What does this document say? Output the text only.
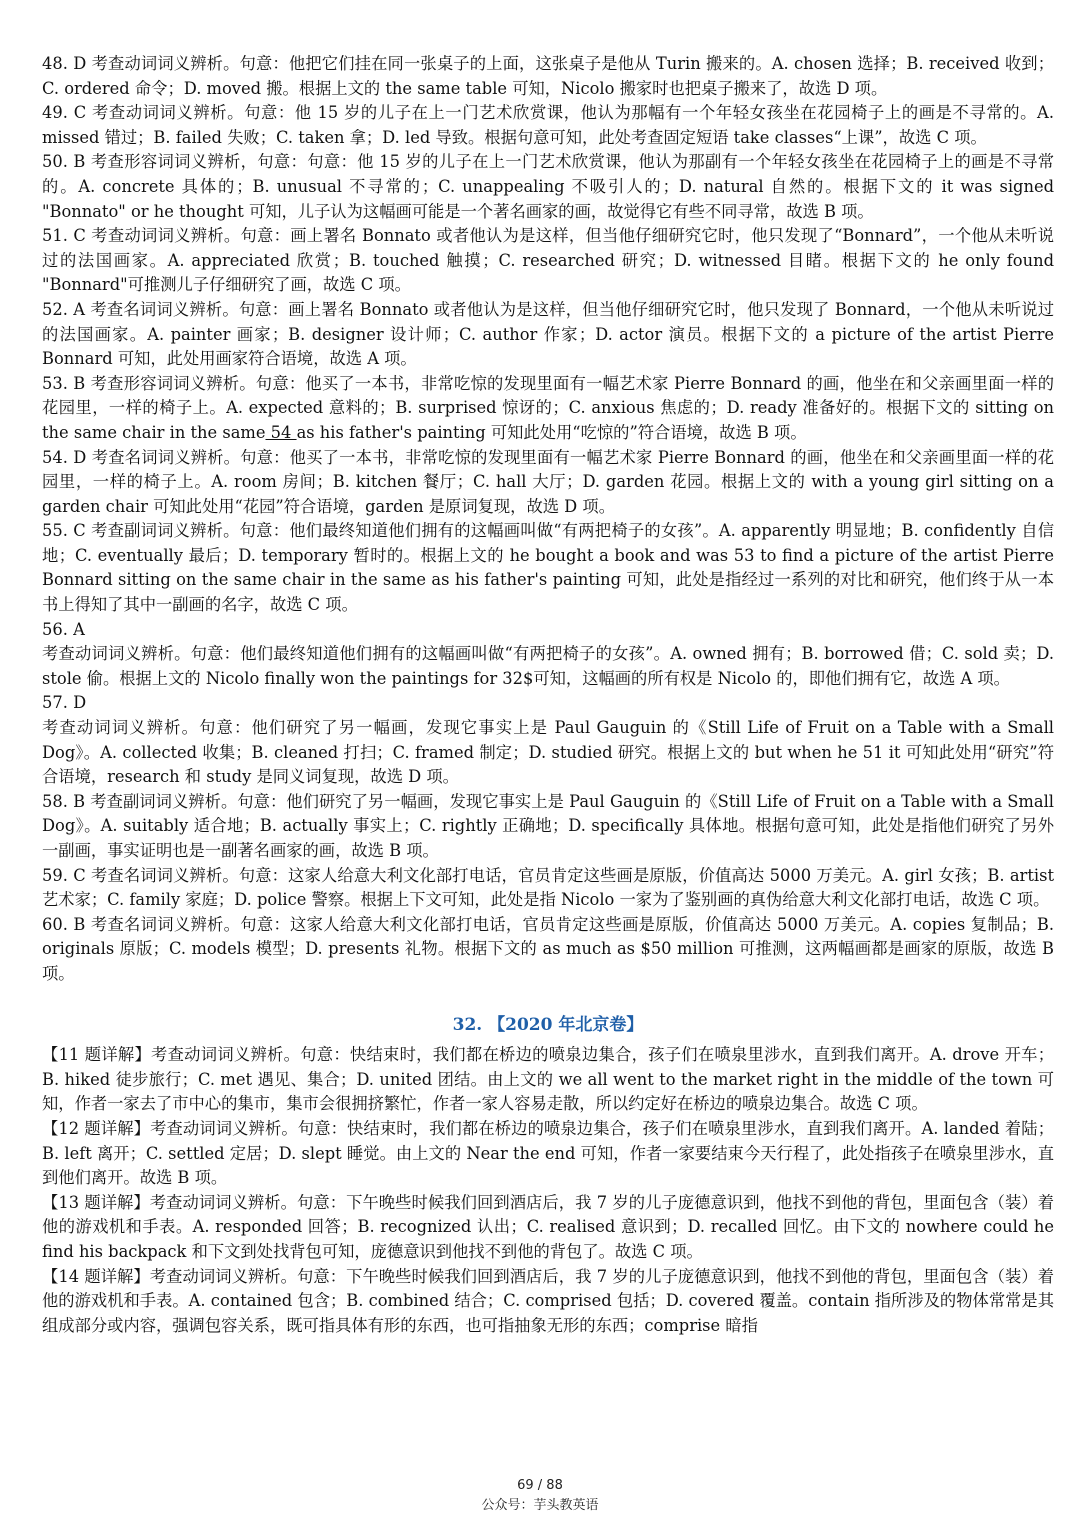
48. D 考查动词词义辨析。句意：他把它们挂在同一张桌子的上面，这张桌子是他从 Turin 搬来的。A. chosen 选择；B. received 收到；C. ordered 命令；D. moved 搬。根据上文的 the same table 可知，Nicolo 搬家时也把桌子搬来了，故选 D 项。

49. C 考查动词词义辨析。句意：他 15 岁的儿子在上一门艺术欣赏课，他认为那幅有一个年轻女孩坐在花园椅子上的画是不寻常的。A. missed 错过；B. failed 失败；C. taken 拿；D. led 导致。根据句意可知，此处考查固定短语 take classes“上课”，故选 C 项。

50. B 考查形容词词义辨析，句意：句意：他 15 岁的儿子在上一门艺术欣赏课，他认为那副有一个年轻女孩坐在花园椅子上的画是不寻常的。A. concrete 具体的；B. unusual 不寻常的；C. unappealing 不吸引人的；D. natural 自然的。根据下文的 it was signed "Bonnato" or he thought 可知，儿子认为这幅画可能是一个著名画家的画，故觉得它有些不同寻常，故选 B 项。

51. C 考查动词词义辨析。句意：画上署名 Bonnato 或者他认为是这样，但当他仔细研究它时，他只发现了“Bonnard”，一个他从未听说过的法国画家。A. appreciated 欣赏；B. touched 触摸；C. researched 研究；D. witnessed 目睹。根据下文的 he only found "Bonnard"可推测儿子仔细研究了画，故选 C 项。

52. A 考查名词词义辨析。句意：画上署名 Bonnato 或者他认为是这样，但当他仔细研究它时，他只发现了 Bonnard，一个他从未听说过的法国画家。A. painter 画家；B. designer 设计师；C. author 作家；D. actor 演员。根据下文的 a picture of the artist Pierre Bonnard 可知，此处用画家符合语境，故选 A 项。

53. B 考查形容词词义辨析。句意：他买了一本书，非常吃惊的发现里面有一幅艺术家 Pierre Bonnard 的画，他坐在和父亲画里面一样的花园里，一样的椅子上。A. expected 意料的；B. surprised 惊讶的；C. anxious 焦虑的；D. ready 准备好的。根据下文的 sitting on the same chair in the same 54 as his father's painting 可知此处用“吃惊的”符合语境，故选 B 项。

54. D 考查名词词义辨析。句意：他买了一本书，非常吃惊的发现里面有一幅艺术家 Pierre Bonnard 的画，他坐在和父亲画里面一样的花园里，一样的椅子上。A. room 房间；B. kitchen 餐厅；C. hall 大厅；D. garden 花园。根据上文的 with a young girl sitting on a garden chair 可知此处用“花园”符合语境，garden 是原词复现，故选 D 项。

55. C 考查副词词义辨析。句意：他们最终知道他们拥有的这幅画叫做“有两把椅子的女孩”。A. apparently 明显地；B. confidently 自信地；C. eventually 最后；D. temporary 暂时的。根据上文的 he bought a book and was 53 to find a picture of the artist Pierre Bonnard sitting on the same chair in the same as his father's painting 可知，此处是指经过一系列的对比和研究，他们终于从一本书上得知了其中一副画的名字，故选 C 项。

56. A

考查动词词义辨析。句意：他们最终知道他们拥有的这幅画叫做“有两把椅子的女孩”。A. owned 拥有；B. borrowed 借；C. sold 卖；D. stole 偷。根据上文的 Nicolo finally won the paintings for 32$可知，这幅画的所有权是 Nicolo 的，即他们拥有它，故选 A 项。

57. D

考查动词词义辨析。句意：他们研究了另一幅画，发现它事实上是 Paul Gauguin 的《Still Life of Fruit on a Table with a Small Dog》。A. collected 收集；B. cleaned 打扫；C. framed 制定；D. studied 研究。根据上文的 but when he 51 it 可知此处用“研究”符合语境，research 和 study 是同义词复现，故选 D 项。

58. B 考查副词词义辨析。句意：他们研究了另一幅画，发现它事实上是 Paul Gauguin 的《Still Life of Fruit on a Table with a Small Dog》。A. suitably 适合地；B. actually 事实上；C. rightly 正确地；D. specifically 具体地。根据句意可知，此处是指他们研究了另外一副画，事实证明也是一副著名画家的画，故选 B 项。

59. C 考查名词词义辨析。句意：这家人给意大利文化部打电话，官员肯定这些画是原版，价值高达 5000 万美元。A. girl 女孩；B. artist 艺术家；C. family 家庭；D. police 警察。根据上下文可知，此处是指 Nicolo 一家为了鉴别画的真伪给意大利文化部打电话，故选 C 项。

60. B 考查名词词义辨析。句意：这家人给意大利文化部打电话，官员肯定这些画是原版，价值高达 5000 万美元。A. copies 复制品；B. originals 原版；C. models 模型；D. presents 礼物。根据下文的 as much as $50 million 可推测，这两幅画都是画家的原版，故选 B 项。

32. 【2020 年北京卷】

【11 题详解】考查动词词义辨析。句意：快结束时，我们都在桥边的喷泉边集合，孩子们在喷泉里涉水，直到我们离开。A. drove 开车；B. hiked 徒步旅行；C. met 遇见、集合；D. united 团结。由上文的 we all went to the market right in the middle of the town 可知，作者一家去了市中心的集市，集市会很拥挤繁忙，作者一家人容易走散，所以约定好在桥边的喷泉边集合。故选 C 项。

【12 题详解】考查动词词义辨析。句意：快结束时，我们都在桥边的喷泉边集合，孩子们在喷泉里涉水，直到我们离开。A. landed 着陆；B. left 离开；C. settled 定居；D. slept 睡觉。由上文的 Near the end 可知，作者一家要结束今天行程了，此处指孩子在喷泉里涉水，直到他们离开。故选 B 项。

【13 题详解】考查动词词义辨析。句意：下午晚些时候我们回到酒店后，我 7 岁的儿子庞德意识到，他找不到他的背包，里面包含（装）着他的游戏机和手表。A. responded 回答；B. recognized 认出；C. realised 意识到；D. recalled 回忆。由下文的 nowhere could he find his backpack 和下文到处找背包可知，庞德意识到他找不到他的背包了。故选 C 项。

【14 题详解】考查动词词义辨析。句意：下午晚些时候我们回到酒店后，我 7 岁的儿子庞德意识到，他找不到他的背包，里面包含（装）着他的游戏机和手表。A. contained 包含；B. combined 结合；C. comprised 包括；D. covered 覆盖。contain 指所涉及的物体常常是其组成部分或内容，强调包容关系，既可指具体有形的东西，也可指抽象无形的东西；comprise 暗指

69 / 88
公众号：芋头教英语
